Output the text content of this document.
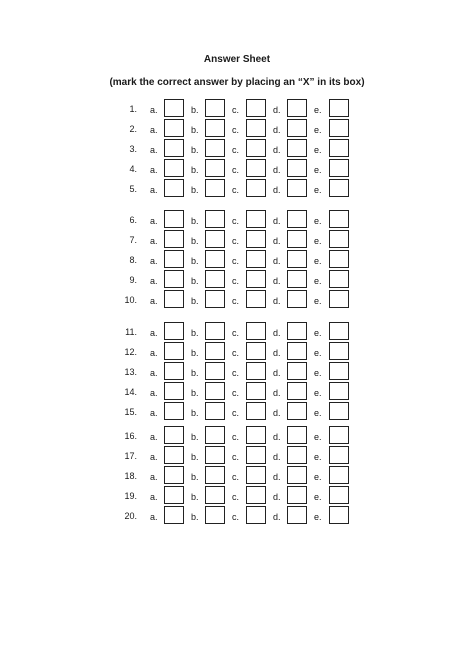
Answer Sheet
(mark the correct answer by placing an “X” in its box)
1. a.	b.	c.	d.	e.
2. a.	b.	c.	d.	e.
3. a.	b.	c.	d.	e.
4. a.	b.	c.	d.	e.
5. a.	b.	c.	d.	e.
6. a.	b.	c.	d.	e.
7. a.	b.	c.	d.	e.
8. a.	b.	c.	d.	e.
9. a.	b.	c.	d.	e.
10. a.	b.	c.	d.	e.
11. a.	b.	c.	d.	e.
12. a.	b.	c.	d.	e.
13. a.	b.	c.	d.	e.
14. a.	b.	c.	d.	e.
15. a.	b.	c.	d.	e.
16. a.	b.	c.	d.	e.
17. a.	b.	c.	d.	e.
18. a.	b.	c.	d.	e.
19. a.	b.	c.	d.	e.
20. a.	b.	c.	d.	e.
